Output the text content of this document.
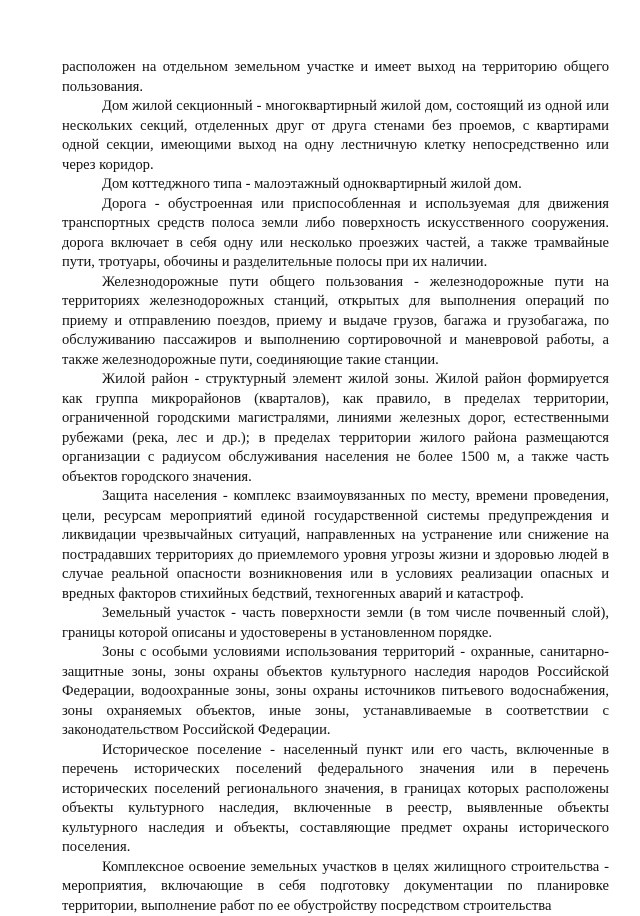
расположен на отдельном земельном участке и имеет выход на территорию общего пользования.

Дом жилой секционный - многоквартирный жилой дом, состоящий из одной или нескольких секций, отделенных друг от друга стенами без проемов, с квартирами одной секции, имеющими выход на одну лестничную клетку непосредственно или через коридор.

Дом коттеджного типа - малоэтажный одноквартирный жилой дом.

Дорога - обустроенная или приспособленная и используемая для движения транспортных средств полоса земли либо поверхность искусственного сооружения. дорога включает в себя одну или несколько проезжих частей, а также трамвайные пути, тротуары, обочины и разделительные полосы при их наличии.

Железнодорожные пути общего пользования - железнодорожные пути на территориях железнодорожных станций, открытых для выполнения операций по приему и отправлению поездов, приему и выдаче грузов, багажа и грузобагажа, по обслуживанию пассажиров и выполнению сортировочной и маневровой работы, а также железнодорожные пути, соединяющие такие станции.

Жилой район - структурный элемент жилой зоны. Жилой район формируется как группа микрорайонов (кварталов), как правило, в пределах территории, ограниченной городскими магистралями, линиями железных дорог, естественными рубежами (река, лес и др.); в пределах территории жилого района размещаются организации с радиусом обслуживания населения не более 1500 м, а также часть объектов городского значения.

Защита населения - комплекс взаимоувязанных по месту, времени проведения, цели, ресурсам мероприятий единой государственной системы предупреждения и ликвидации чрезвычайных ситуаций, направленных на устранение или снижение на пострадавших территориях до приемлемого уровня угрозы жизни и здоровью людей в случае реальной опасности возникновения или в условиях реализации опасных и вредных факторов стихийных бедствий, техногенных аварий и катастроф.

Земельный участок - часть поверхности земли (в том числе почвенный слой), границы которой описаны и удостоверены в установленном порядке.

Зоны с особыми условиями использования территорий - охранные, санитарно-защитные зоны, зоны охраны объектов культурного наследия народов Российской Федерации, водоохранные зоны, зоны охраны источников питьевого водоснабжения, зоны охраняемых объектов, иные зоны, устанавливаемые в соответствии с законодательством Российской Федерации.

Историческое поселение - населенный пункт или его часть, включенные в перечень исторических поселений федерального значения или в перечень исторических поселений регионального значения, в границах которых расположены объекты культурного наследия, включенные в реестр, выявленные объекты культурного наследия и объекты, составляющие предмет охраны исторического поселения.

Комплексное освоение земельных участков в целях жилищного строительства - мероприятия, включающие в себя подготовку документации по планировке территории, выполнение работ по ее обустройству посредством строительства
